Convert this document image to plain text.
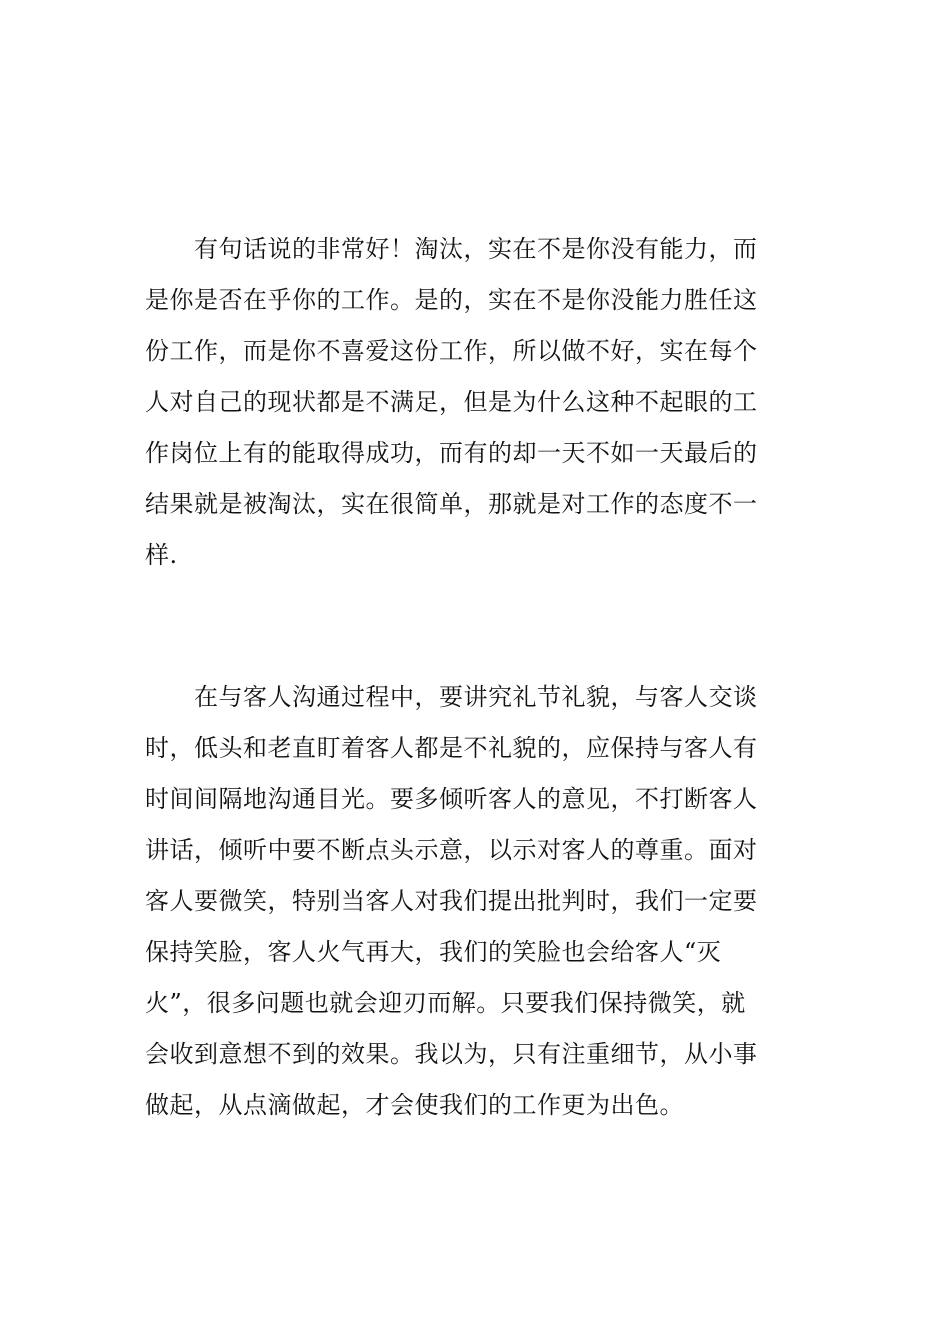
　　有句话说的非常好！淘汰，实在不是你没有能力，而
是你是否在乎你的工作。是的，实在不是你没能力胜任这
份工作，而是你不喜爱这份工作，所以做不好，实在每个
人对自己的现状都是不满足，但是为什么这种不起眼的工
作岗位上有的能取得成功，而有的却一天不如一天最后的
结果就是被淘汰，实在很简单，那就是对工作的态度不一
样.

　　在与客人沟通过程中，要讲究礼节礼貌，与客人交谈
时，低头和老直盯着客人都是不礼貌的，应保持与客人有
时间间隔地沟通目光。要多倾听客人的意见，不打断客人
讲话，倾听中要不断点头示意，以示对客人的尊重。面对
客人要微笑，特别当客人对我们提出批判时，我们一定要
保持笑脸，客人火气再大，我们的笑脸也会给客人“灭
火”，很多问题也就会迎刃而解。只要我们保持微笑，就
会收到意想不到的效果。我以为，只有注重细节，从小事
做起，从点滴做起，才会使我们的工作更为出色。
